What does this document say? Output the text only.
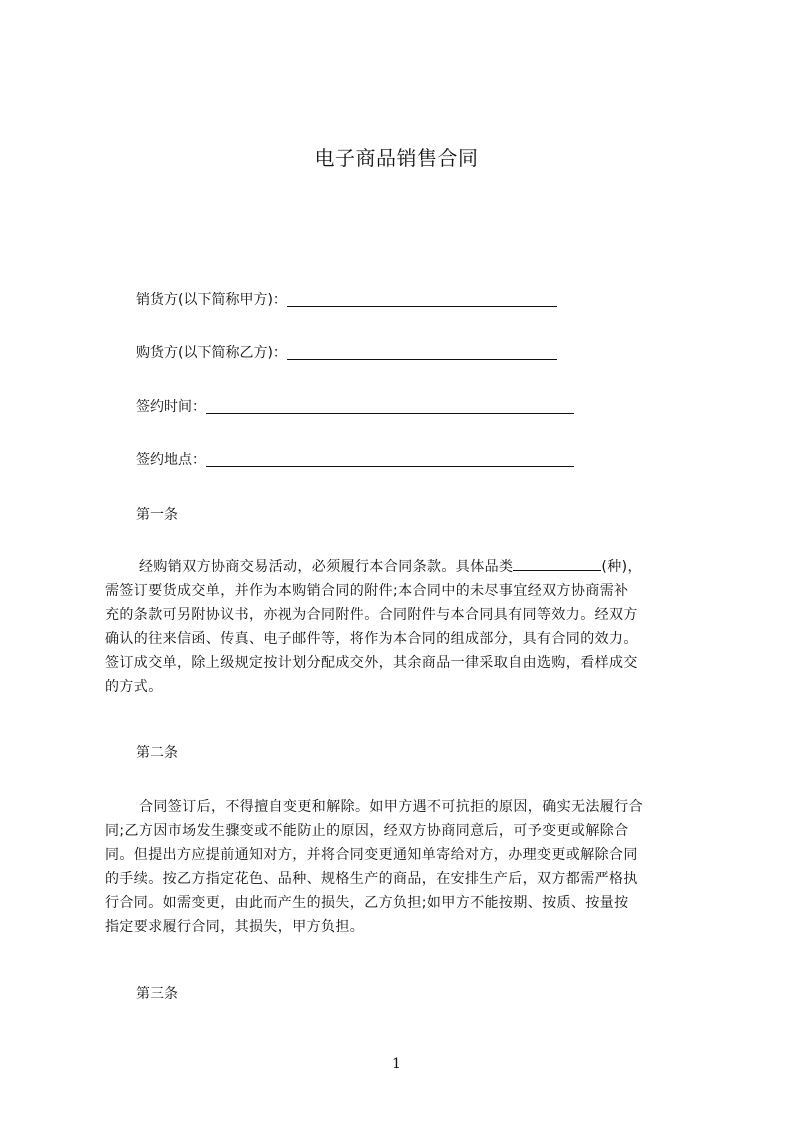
电子商品销售合同
销货方(以下简称甲方)：
购货方(以下简称乙方)：
签约时间：
签约地点：
第一条
经购销双方协商交易活动，必须履行本合同条款。具体品类	(种)，
需签订要货成交单，并作为本购销合同的附件;本合同中的未尽事宜经双方协商需补
充的条款可另附协议书，亦视为合同附件。合同附件与本合同具有同等效力。经双方
确认的往来信函、传真、电子邮件等，将作为本合同的组成部分，具有合同的效力。
签订成交单，除上级规定按计划分配成交外，其余商品一律采取自由选购，看样成交
的方式。
第二条
合同签订后，不得擅自变更和解除。如甲方遇不可抗拒的原因，确实无法履行合
同;乙方因市场发生骤变或不能防止的原因，经双方协商同意后，可予变更或解除合
同。但提出方应提前通知对方，并将合同变更通知单寄给对方，办理变更或解除合同
的手续。按乙方指定花色、品种、规格生产的商品，在安排生产后，双方都需严格执
行合同。如需变更，由此而产生的损失，乙方负担;如甲方不能按期、按质、按量按
指定要求履行合同，其损失，甲方负担。
第三条
1
